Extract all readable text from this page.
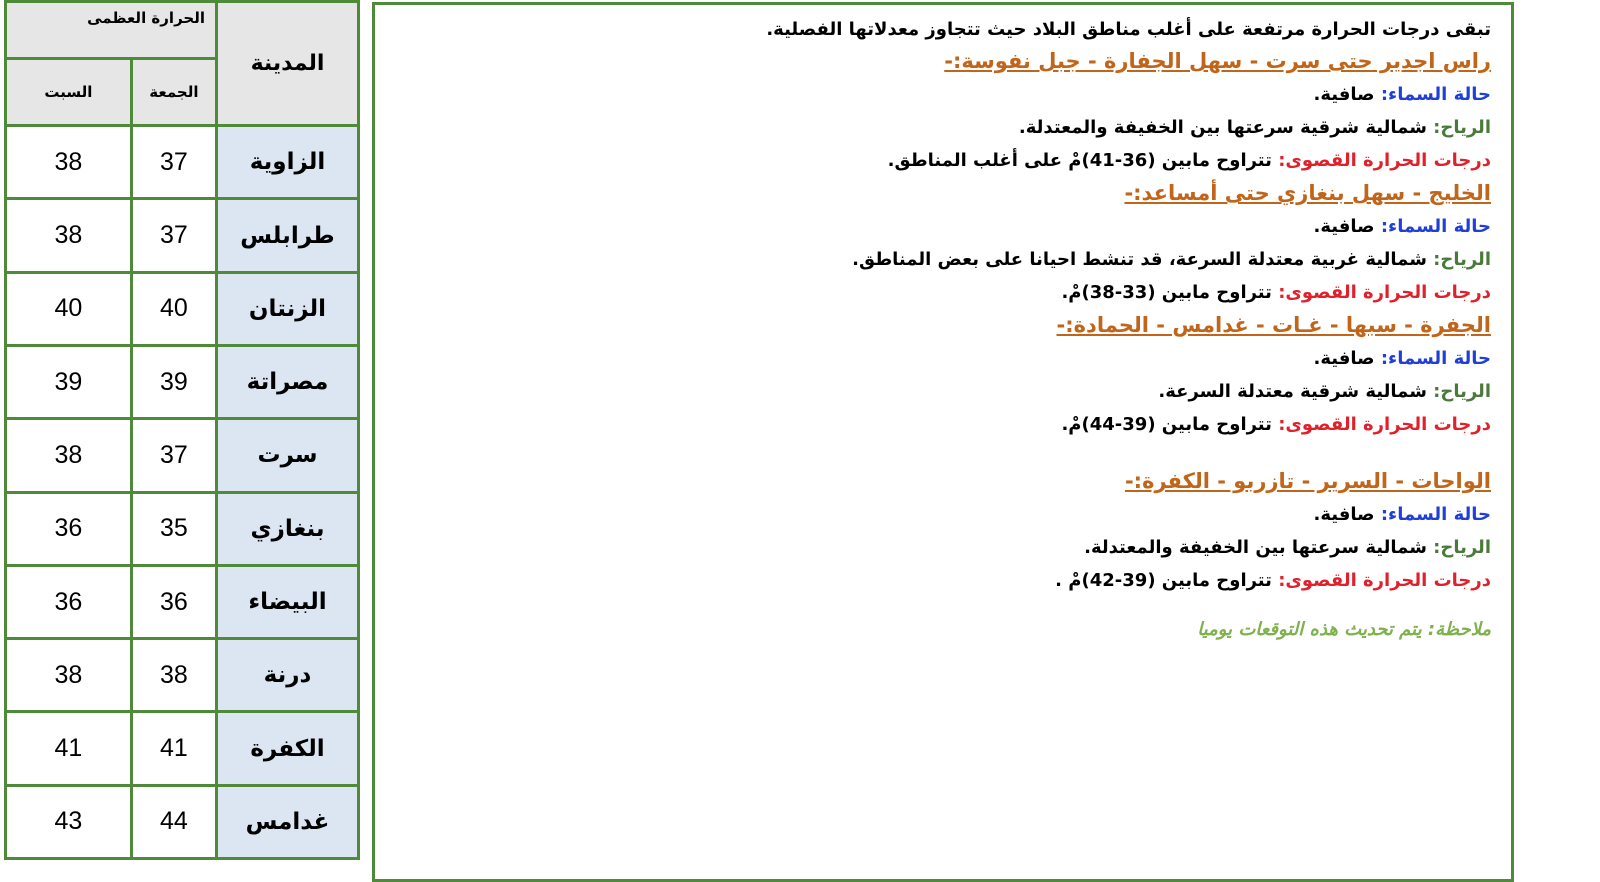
الحرارة العظمى		المدينة
السبت	الجمعة	
38	37	الزاوية
38	37	طرابلس
40	40	الزنتان
39	39	مصراتة
38	37	سرت
36	35	بنغازي
36	36	البيضاء
38	38	درنة
41	41	الكفرة
43	44	غدامس
تبقى درجات الحرارة مرتفعة على أغلب مناطق البلاد حيث تتجاوز معدلاتها الفصلية.
راس اجدير حتى سرت - سهل الجفارة - جبل نفوسة:-
حالة السماء: صافية.
الرياح: شمالية شرقية سرعتها بين الخفيفة والمعتدلة.
درجات الحرارة القصوى: تتراوح مابين (36-41)مْ على أغلب المناطق.
الخليج - سهل بنغازي حتى أمساعد:-
حالة السماء: صافية.
الرياح: شمالية غربية معتدلة السرعة، قد تنشط احيانا على بعض المناطق.
درجات الحرارة القصوى: تتراوح مابين (33-38)مْ.
الجفرة - سبها - غـات - غدامس - الحمادة:-
حالة السماء: صافية.
الرياح: شمالية شرقية معتدلة السرعة.
درجات الحرارة القصوى: تتراوح مابين (39-44)مْ.
الواحات - السرير - تازربو - الكفرة:-
حالة السماء: صافية.
الرياح: شمالية سرعتها بين الخفيفة والمعتدلة.
درجات الحرارة القصوى: تتراوح مابين (39-42)مْ .
ملاحظة: يتم تحديث هذه التوقعات يوميا
